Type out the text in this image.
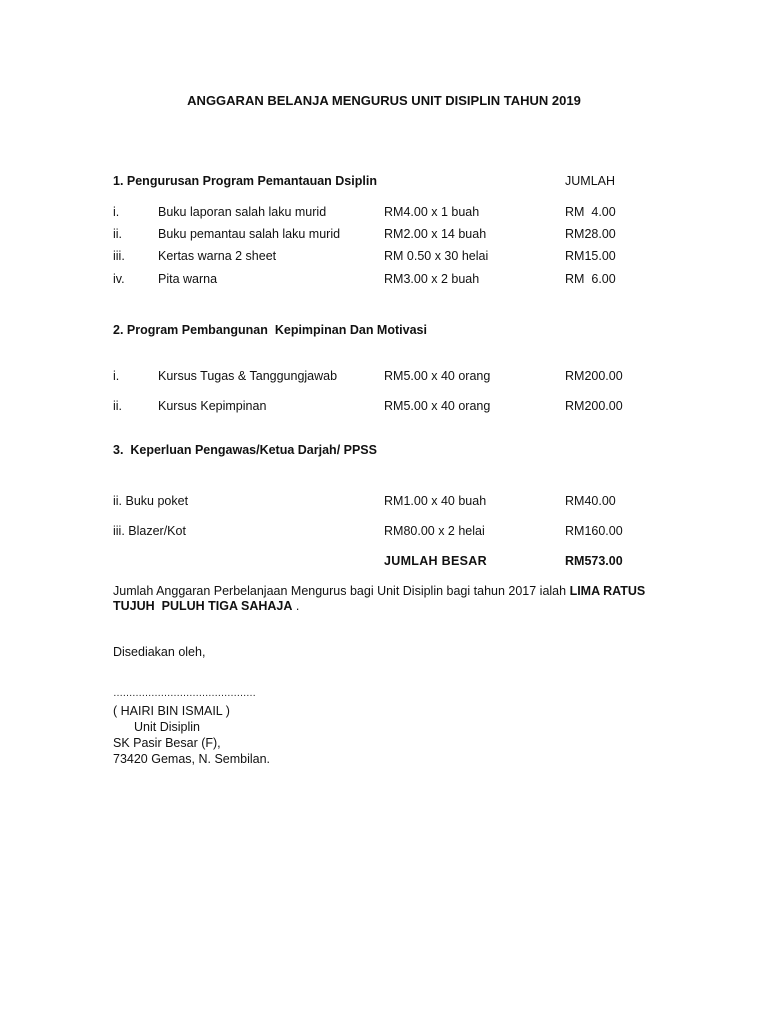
ANGGARAN BELANJA MENGURUS UNIT DISIPLIN TAHUN 2019
1. Pengurusan Program Pemantauan Dsiplin	JUMLAH
i.	Buku laporan salah laku murid	RM4.00 x 1 buah	RM  4.00
ii.	Buku pemantau salah laku murid	RM2.00 x 14 buah	RM28.00
iii.	Kertas warna 2 sheet	RM 0.50 x 30 helai	RM15.00
iv.	Pita warna	RM3.00 x 2 buah	RM  6.00
2. Program Pembangunan  Kepimpinan Dan Motivasi
i.	Kursus Tugas & Tanggungjawab	RM5.00 x 40 orang	RM200.00
ii.	Kursus Kepimpinan	RM5.00 x 40 orang	RM200.00
3.  Keperluan Pengawas/Ketua Darjah/ PPSS
ii. Buku poket	RM1.00 x 40 buah	RM40.00
iii. Blazer/Kot	RM80.00 x 2 helai	RM160.00
JUMLAH BESAR	RM573.00
Jumlah Anggaran Perbelanjaan Mengurus bagi Unit Disiplin bagi tahun 2017 ialah LIMA RATUS TUJUH  PULUH TIGA SAHAJA .
Disediakan oleh,
………………………………………
( HAIRI BIN ISMAIL )
Unit Disiplin
SK Pasir Besar (F),
73420 Gemas, N. Sembilan.
